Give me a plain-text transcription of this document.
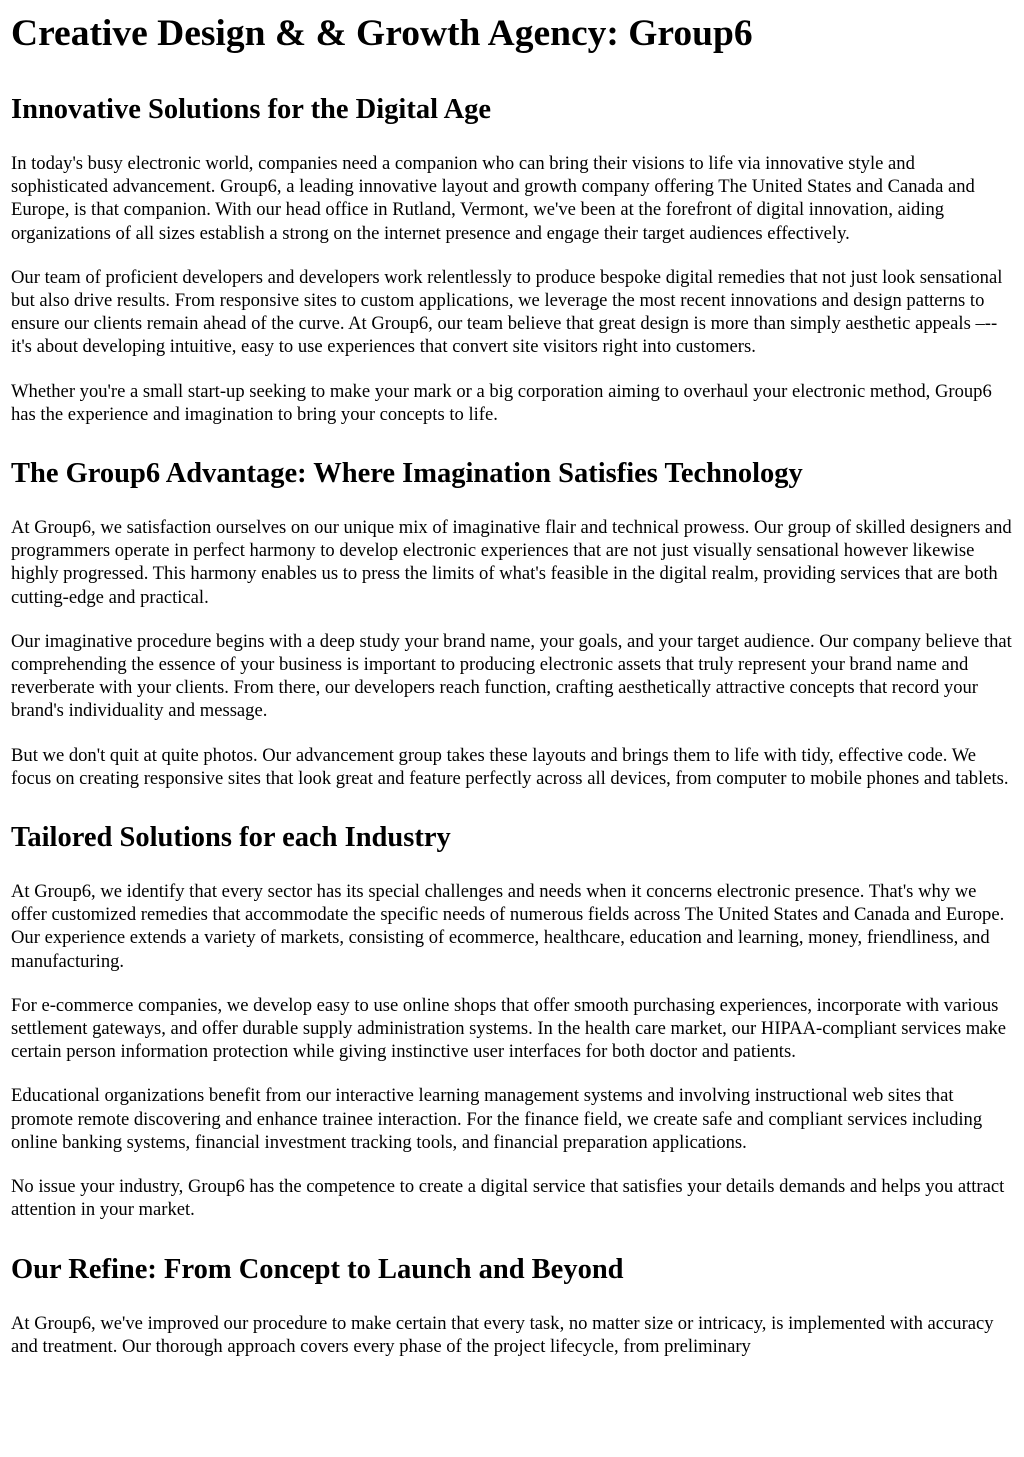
Creative Design & & Growth Agency: Group6
Innovative Solutions for the Digital Age

In today's busy electronic world, companies need a companion who can bring their visions to life via innovative style and sophisticated advancement. Group6, a leading innovative layout and growth company offering The United States and Canada and Europe, is that companion. With our head office in Rutland, Vermont, we've been at the forefront of digital innovation, aiding organizations of all sizes establish a strong on the internet presence and engage their target audiences effectively.

Our team of proficient developers and developers work relentlessly to produce bespoke digital remedies that not just look sensational but also drive results. From responsive sites to custom applications, we leverage the most recent innovations and design patterns to ensure our clients remain ahead of the curve. At Group6, our team believe that great design is more than simply aesthetic appeals –-- it's about developing intuitive, easy to use experiences that convert site visitors right into customers.

Whether you're a small start-up seeking to make your mark or a big corporation aiming to overhaul your electronic method, Group6 has the experience and imagination to bring your concepts to life.

The Group6 Advantage: Where Imagination Satisfies Technology

At Group6, we satisfaction ourselves on our unique mix of imaginative flair and technical prowess. Our group of skilled designers and programmers operate in perfect harmony to develop electronic experiences that are not just visually sensational however likewise highly progressed. This harmony enables us to press the limits of what's feasible in the digital realm, providing services that are both cutting-edge and practical.

Our imaginative procedure begins with a deep study your brand name, your goals, and your target audience. Our company believe that comprehending the essence of your business is important to producing electronic assets that truly represent your brand name and reverberate with your clients. From there, our developers reach function, crafting aesthetically attractive concepts that record your brand's individuality and message.

But we don't quit at quite photos. Our advancement group takes these layouts and brings them to life with tidy, effective code. We focus on creating responsive sites that look great and feature perfectly across all devices, from computer to mobile phones and tablets.

Tailored Solutions for each Industry

At Group6, we identify that every sector has its special challenges and needs when it concerns electronic presence. That's why we offer customized remedies that accommodate the specific needs of numerous fields across The United States and Canada and Europe. Our experience extends a variety of markets, consisting of ecommerce, healthcare, education and learning, money, friendliness, and manufacturing.

For e-commerce companies, we develop easy to use online shops that offer smooth purchasing experiences, incorporate with various settlement gateways, and offer durable supply administration systems. In the health care market, our HIPAA-compliant services make certain person information protection while giving instinctive user interfaces for both doctor and patients.

Educational organizations benefit from our interactive learning management systems and involving instructional web sites that promote remote discovering and enhance trainee interaction. For the finance field, we create safe and compliant services including online banking systems, financial investment tracking tools, and financial preparation applications.

No issue your industry, Group6 has the competence to create a digital service that satisfies your details demands and helps you attract attention in your market.

Our Refine: From Concept to Launch and Beyond

At Group6, we've improved our procedure to make certain that every task, no matter size or intricacy, is implemented with accuracy and treatment. Our thorough approach covers every phase of the project lifecycle, from preliminary
